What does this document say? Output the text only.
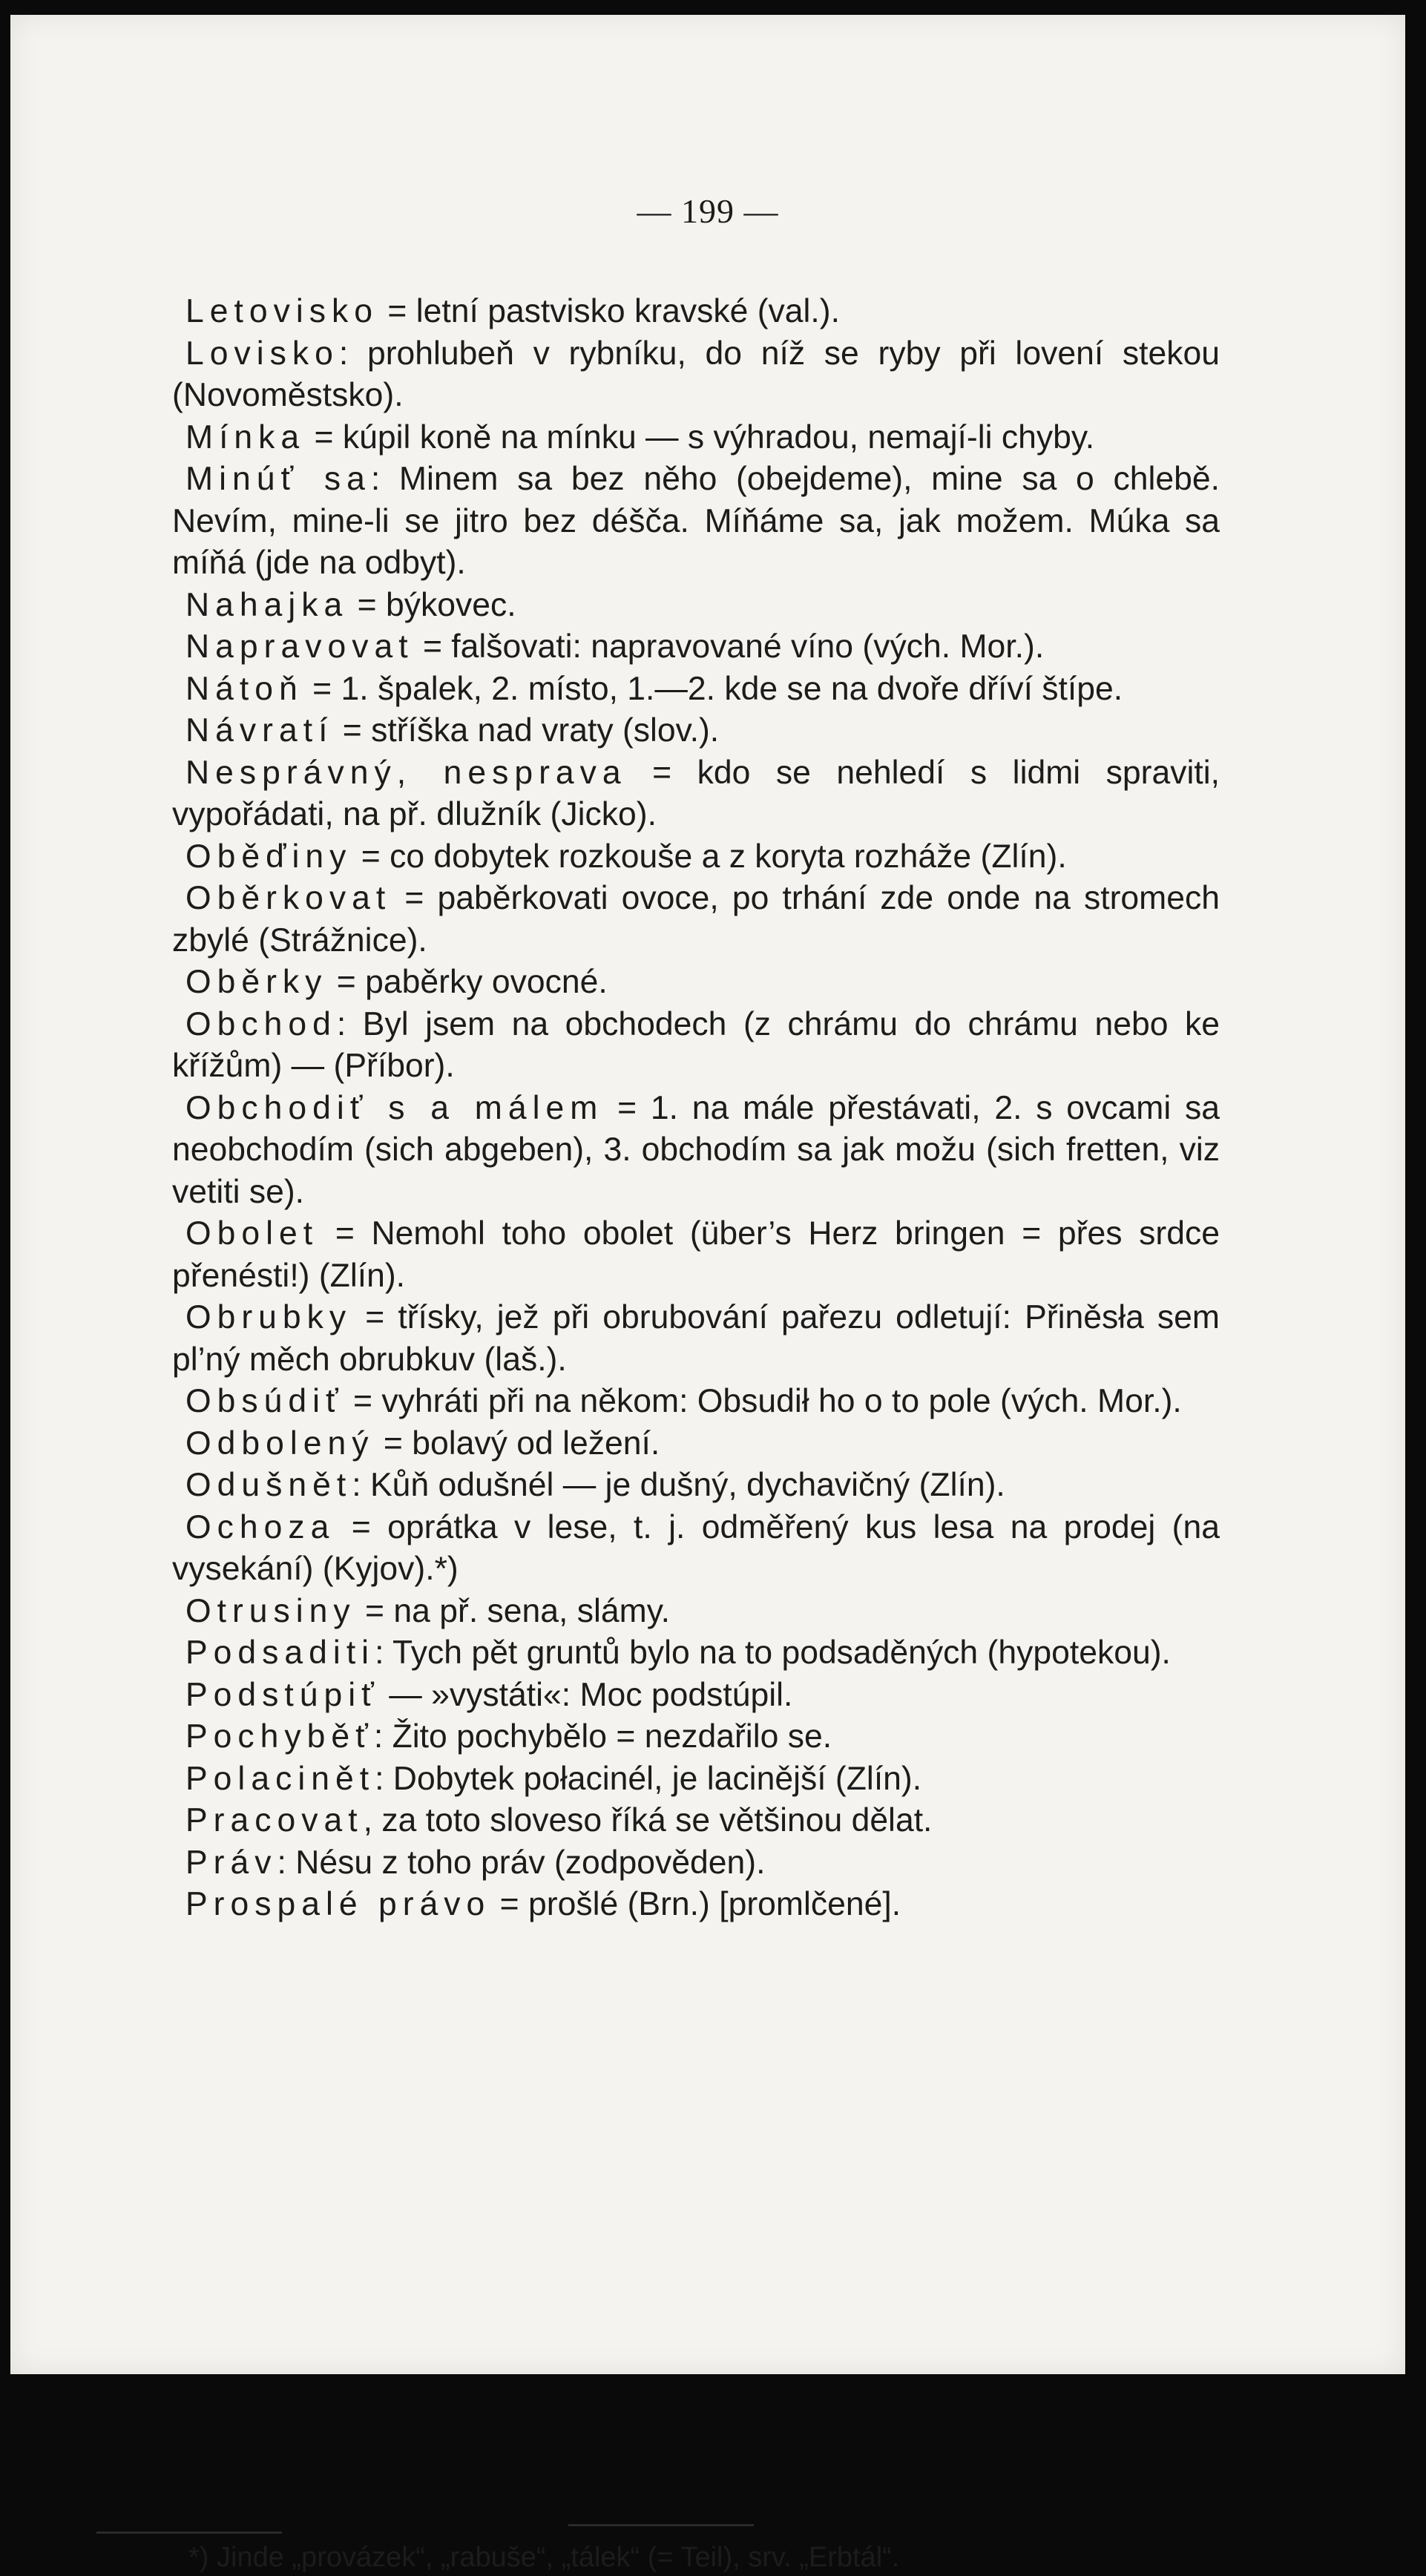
— 199 —

Letovisko = letní pastvisko kravské (val.).

Lovisko: prohlubeň v rybníku, do níž se ryby při lovení stekou (Novoměstsko).

Mínka = kúpil koně na mínku — s výhradou, nemají-li chyby.

Minúť sa: Minem sa bez něho (obejdeme), mine sa o chlebě. Nevím, mine-li se jitro bez déšča. Míňáme sa, jak možem. Múka sa míňá (jde na odbyt).

Nahajka = býkovec.

Napravovat = falšovati: napravované víno (vých. Mor.).

Nátoň = 1. špalek, 2. místo, 1.—2. kde se na dvoře dříví štípe.

Návratí = stříška nad vraty (slov.).

Nesprávný, nesprava = kdo se nehledí s lidmi spraviti, vypořádati, na př. dlužník (Jicko).

Oběďiny = co dobytek rozkouše a z koryta rozháže (Zlín).

Oběrkovat = paběrkovati ovoce, po trhání zde onde na stromech zbylé (Strážnice).

Oběrky = paběrky ovocné.

Obchod: Byl jsem na obchodech (z chrámu do chrámu nebo ke křížům) — (Příbor).

Obchodiť s a málem = 1. na mále přestávati, 2. s ovcami sa neobchodím (sich abgeben), 3. obchodím sa jak možu (sich fretten, viz vetiti se).

Obolet = Nemohl toho obolet (über’s Herz bringen = přes srdce přenésti!) (Zlín).

Obrubky = třísky, jež při obrubování pařezu odletují: Přiněsła sem pl’ný měch obrubkuv (laš.).

Obsúdiť = vyhráti při na někom: Obsudił ho o to pole (vých. Mor.).

Odbolený = bolavý od ležení.

Odušnět: Kůň odušnél — je dušný, dychavičný (Zlín).

Ochoza = oprátka v lese, t. j. odměřený kus lesa na prodej (na vysekání) (Kyjov).*)

Otrusiny = na př. sena, slámy.

Podsaditi: Tych pět gruntů bylo na to podsaděných (hypotekou).

Podstúpiť — »vystáti«: Moc podstúpil.

Pochyběť: Žito pochybělo = nezdařilo se.

Polacinět: Dobytek połacinél, je lacinější (Zlín).

Pracovat, za toto sloveso říká se většinou dělat.

Práv: Nésu z toho práv (zodpověden).

Prospalé právo = prošlé (Brn.) [promlčené].

*) Jinde „provázek“, „rabuše“, „tálek“ (= Teil), srv. „Erbtál“.
